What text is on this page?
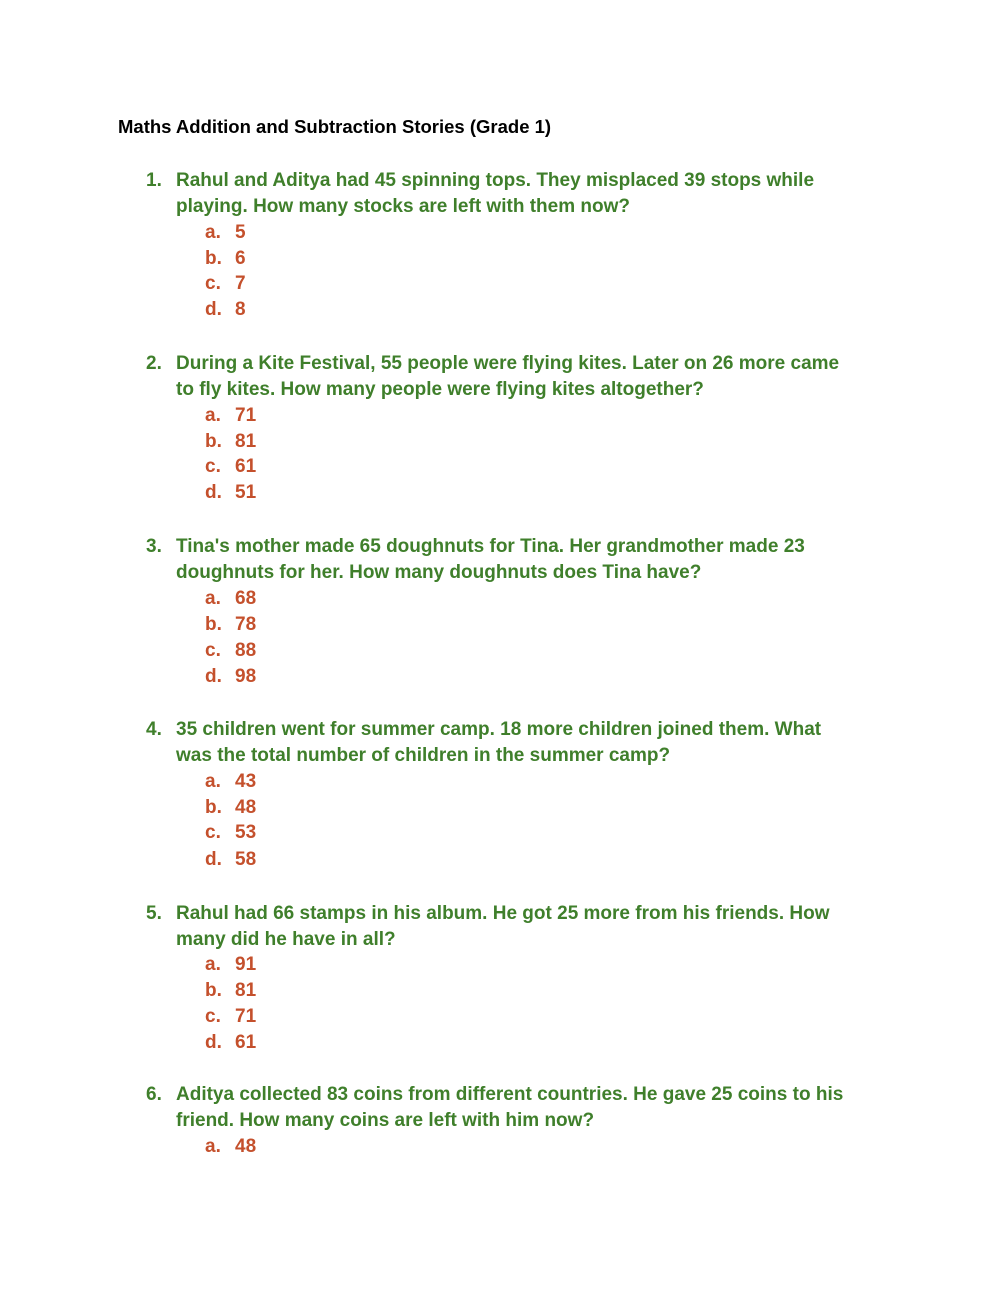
Maths Addition and Subtraction Stories (Grade 1)
1. Rahul and Aditya had 45 spinning tops. They misplaced 39 stops while
playing. How many stocks are left with them now?
a. 5
b. 6
c. 7
d. 8
2. During a Kite Festival, 55 people were flying kites. Later on 26 more came
to fly kites. How many people were flying kites altogether?
a. 71
b. 81
c. 61
d. 51
3. Tina's mother made 65 doughnuts for Tina. Her grandmother made 23
doughnuts for her. How many doughnuts does Tina have?
a. 68
b. 78
c. 88
d. 98
4. 35 children went for summer camp. 18 more children joined them. What
was the total number of children in the summer camp?
a. 43
b. 48
c. 53
d. 58
5. Rahul had 66 stamps in his album. He got 25 more from his friends. How
many did he have in all?
a. 91
b. 81
c. 71
d. 61
6. Aditya collected 83 coins from different countries. He gave 25 coins to his
friend. How many coins are left with him now?
a. 48
